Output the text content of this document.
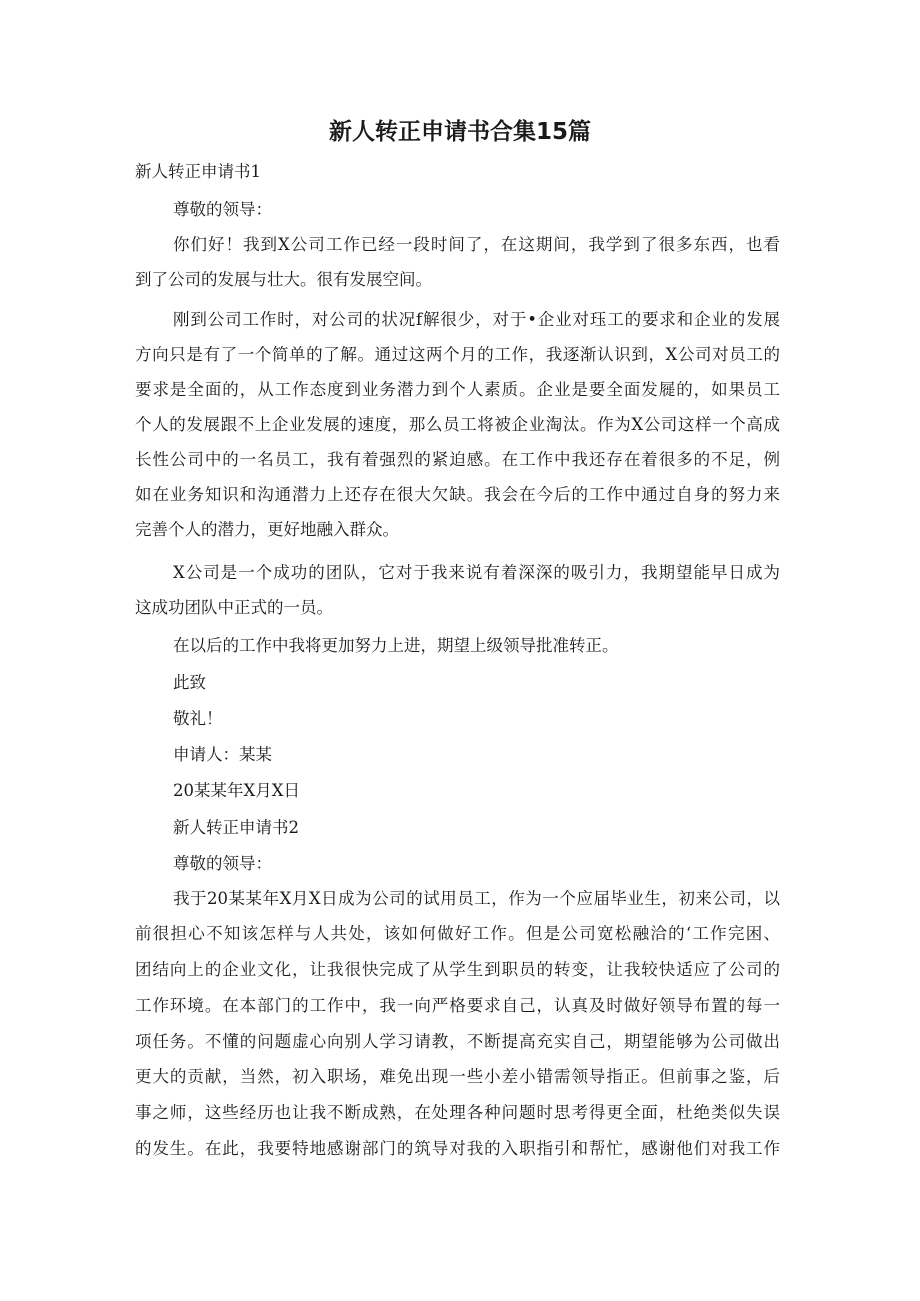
新人转正申请书合集15篇
新人转正申请书1
尊敬的领导：
你们好！我到X公司工作已经一段时间了，在这期间，我学到了很多东西，也看
到了公司的发展与壮大。很有发展空间。
刚到公司工作时，对公司的状况f解很少，对于•企业对珏工的要求和企业的发展
方向只是有了一个简单的了解。通过这两个月的工作，我逐渐认识到，X公司对员工的
要求是全面的，从工作态度到业务潜力到个人素质。企业是要全面发屣的，如果员工
个人的发展跟不上企业发展的速度，那么员工将被企业淘汰。作为X公司这样一个高成
长性公司中的一名员工，我有着强烈的紧迫感。在工作中我还存在着很多的不足，例
如在业务知识和沟通潜力上还存在很大欠缺。我会在今后的工作中通过自身的努力来
完善个人的潜力，更好地融入群众。
X公司是一个成功的团队，它对于我来说有着深深的吸引力，我期望能早日成为
这成功团队中正式的一员。
在以后的工作中我将更加努力上进，期望上级领导批准转正。
此致
敬礼！
申请人：某某
20某某年X月X日
新人转正申请书2
尊敬的领导：
我于20某某年X月X日成为公司的试用员工，作为一个应届毕业生，初来公司，以
前很担心不知该怎样与人共处，该如何做好工作。但是公司宽松融洽的‘工作完困、
团结向上的企业文化，让我很快完成了从学生到职员的转变，让我较快适应了公司的
工作环境。在本部门的工作中，我一向严格要求自己，认真及时做好领导布置的每一
项任务。不懂的问题虚心向别人学习请教，不断提高充实自己，期望能够为公司做出
更大的贡献，当然，初入职场，难免出现一些小差小错需领导指正。但前事之鉴，后
事之师，这些经历也让我不断成熟，在处理各种问题时思考得更全面，杜绝类似失误
的发生。在此，我要特地感谢部门的筑导对我的入职指引和帮忙，感谢他们对我工作
